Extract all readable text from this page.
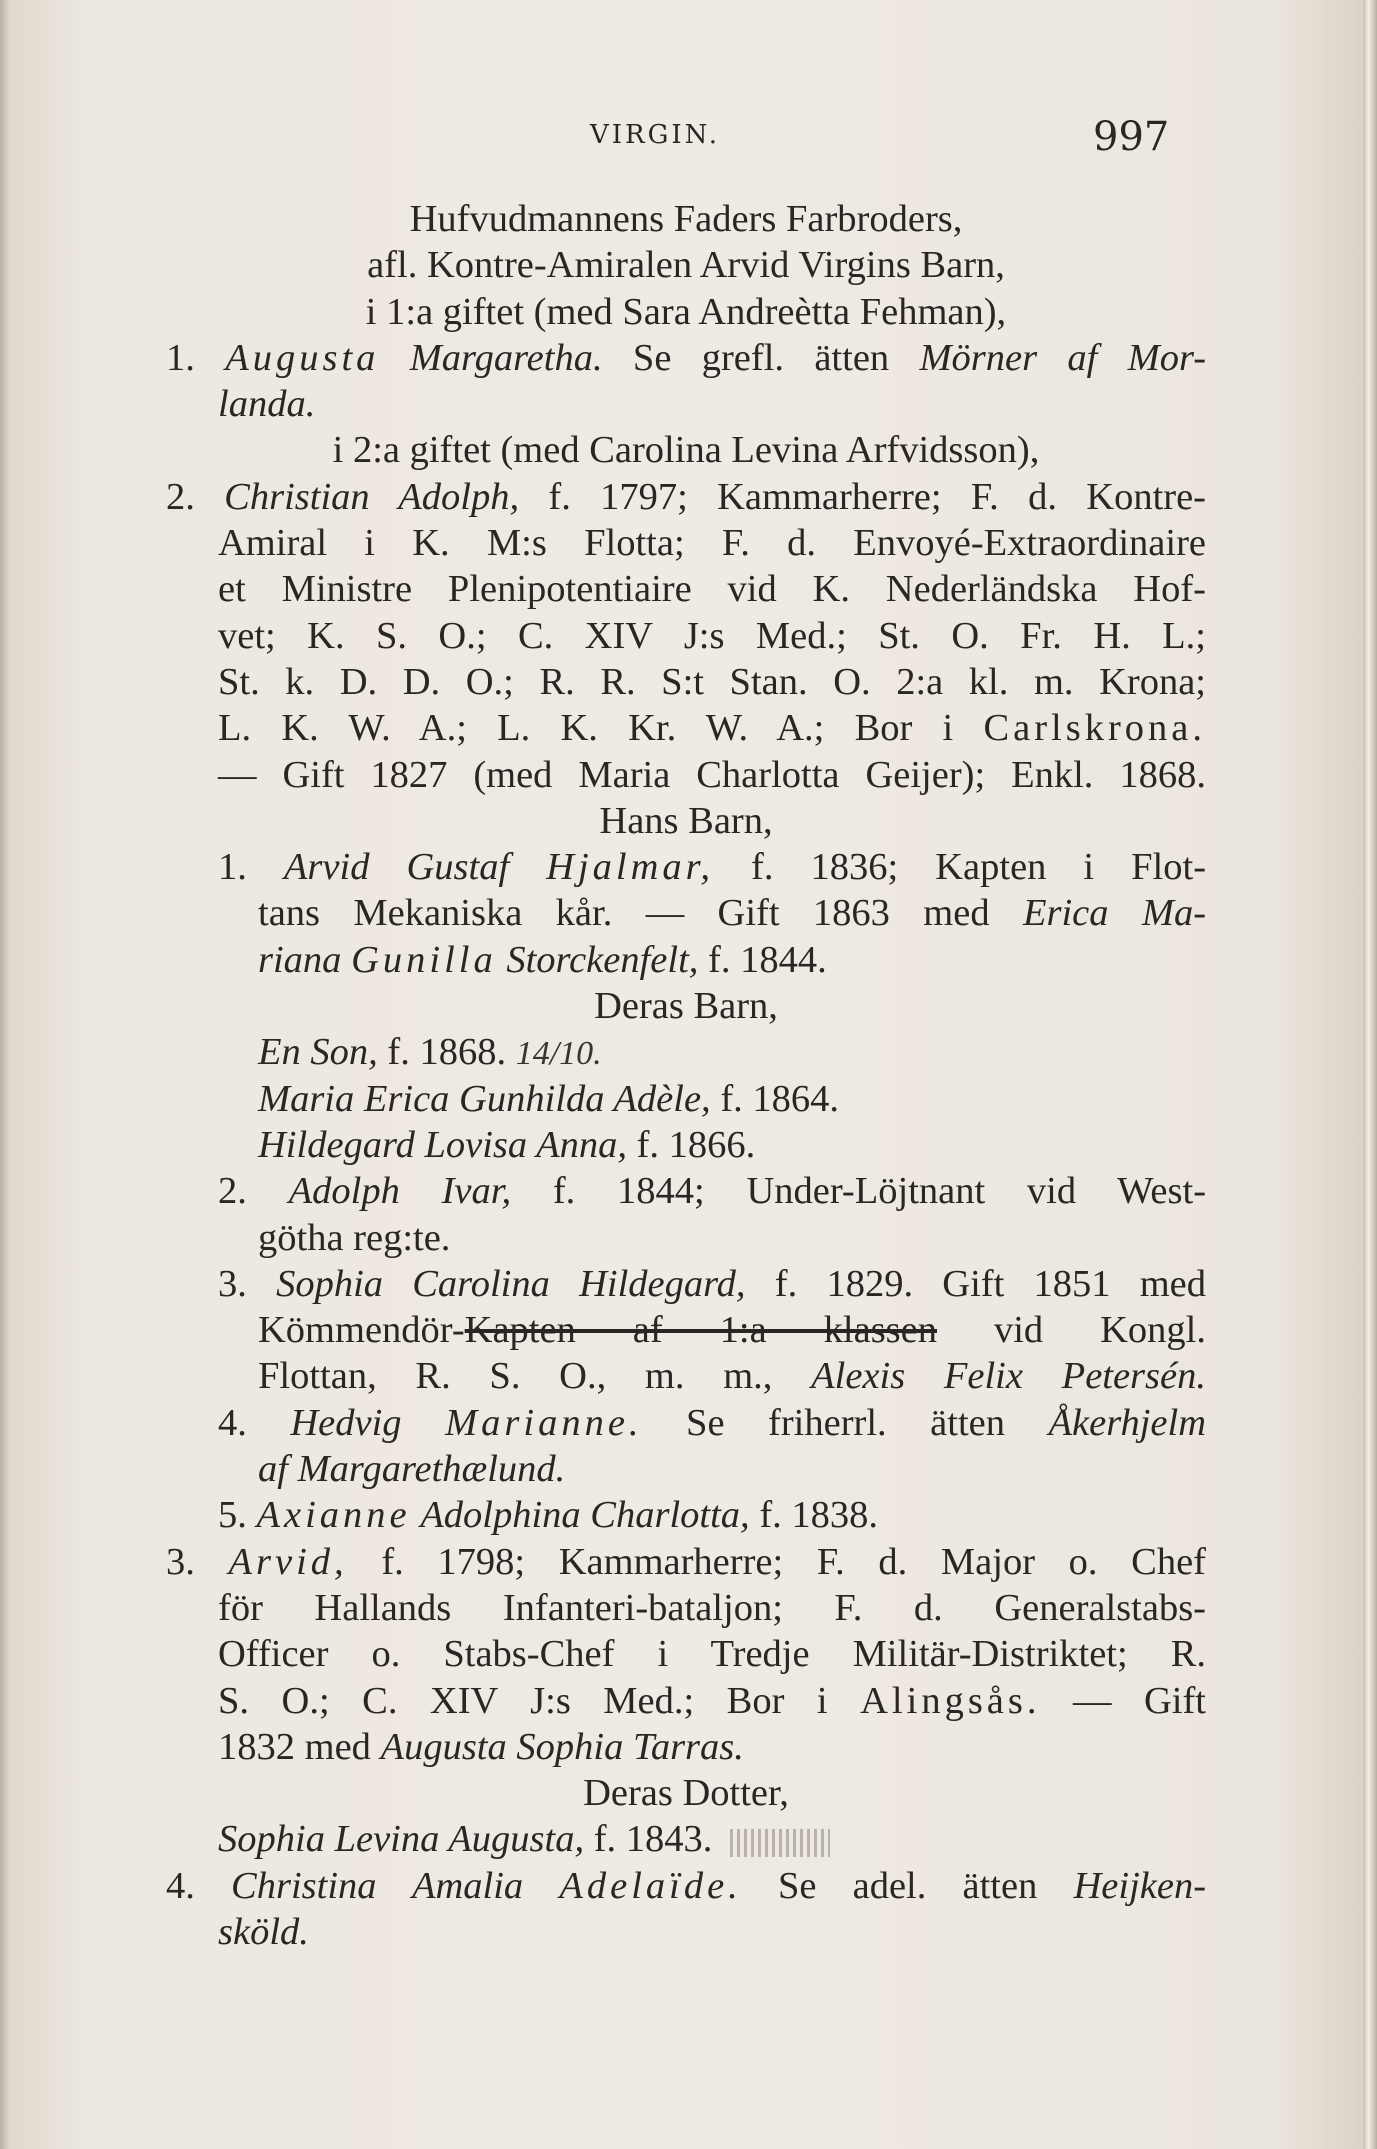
VIRGIN.	997
Hufvudmannens Faders Farbroders,
afl. Kontre-Amiralen Arvid Virgins Barn,
i 1:a giftet (med Sara Andreètta Fehman),
1. Augusta Margaretha. Se grefl. ätten Mörner af Mor-
landa.
i 2:a giftet (med Carolina Levina Arfvidsson),
2. Christian Adolph, f. 1797; Kammarherre; F. d. Kontre-
Amiral i K. M:s Flotta; F. d. Envoyé-Extraordinaire
et Ministre Plenipotentiaire vid K. Nederländska Hof-
vet; K. S. O.; C. XIV J:s Med.; St. O. Fr. H. L.;
St. k. D. D. O.; R. R. S:t Stan. O. 2:a kl. m. Krona;
L. K. W. A.; L. K. Kr. W. A.; Bor i Carlskrona.
— Gift 1827 (med Maria Charlotta Geijer); Enkl. 1868.
Hans Barn,
1. Arvid Gustaf Hjalmar, f. 1836; Kapten i Flot-
tans Mekaniska kår. — Gift 1863 med Erica Ma-
riana Gunilla Storckenfelt, f. 1844.
Deras Barn,
En Son, f. 1868. 14/10.
Maria Erica Gunhilda Adèle, f. 1864.
Hildegard Lovisa Anna, f. 1866.
2. Adolph Ivar, f. 1844; Under-Löjtnant vid West-
götha reg:te.
3. Sophia Carolina Hildegard, f. 1829. Gift 1851 med
Kömmendör-Kapten af 1:a klassen vid Kongl.
Flottan, R. S. O., m. m., Alexis Felix Petersén.
4. Hedvig Marianne. Se friherrl. ätten Åkerhjelm
af Margarethælund.
5. Axianne Adolphina Charlotta, f. 1838.
3. Arvid, f. 1798; Kammarherre; F. d. Major o. Chef
för Hallands Infanteri-bataljon; F. d. Generalstabs-
Officer o. Stabs-Chef i Tredje Militär-Distriktet; R.
S. O.; C. XIV J:s Med.; Bor i Alingsås. — Gift
1832 med Augusta Sophia Tarras.
Deras Dotter,
Sophia Levina Augusta, f. 1843.
4. Christina Amalia Adelaïde. Se adel. ätten Heijken-
sköld.
